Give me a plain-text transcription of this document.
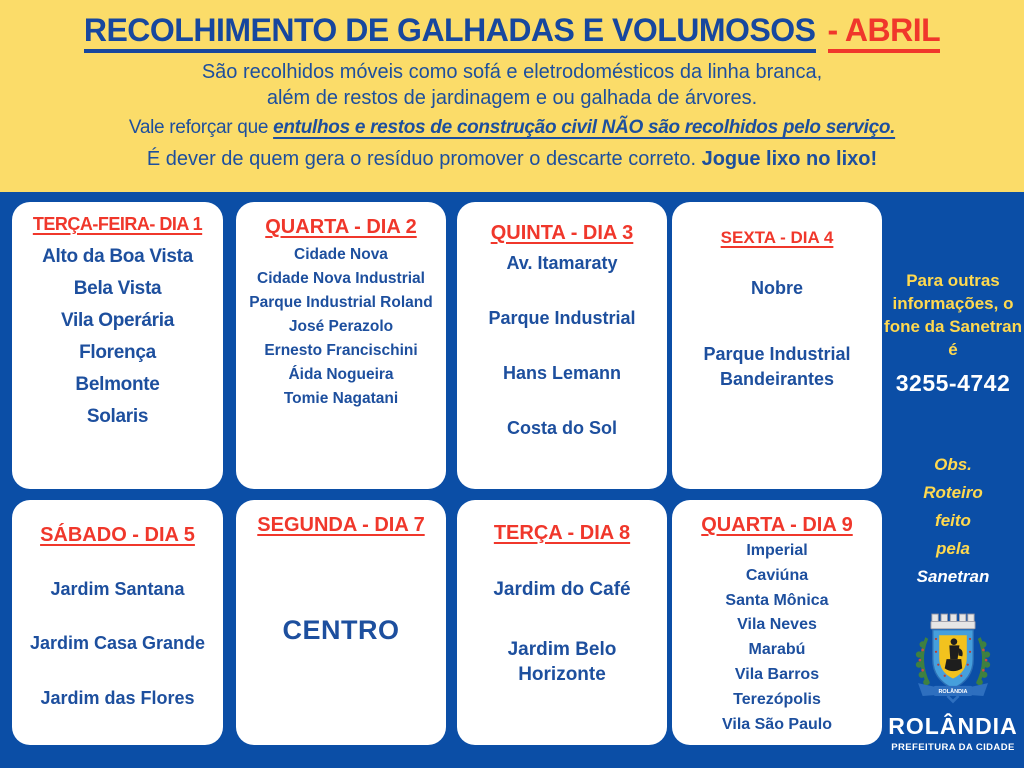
RECOLHIMENTO DE GALHADAS E VOLUMOSOS - ABRIL

São recolhidos móveis como sofá e eletrodomésticos da linha branca,

além de restos de jardinagem e ou galhada de árvores.

Vale reforçar que entulhos e restos de construção civil NÃO são recolhidos pelo serviço.

É dever de quem gera o resíduo promover o descarte correto. Jogue lixo no lixo!

TERÇA-FEIRA- DIA 1
Alto da Boa Vista
Bela Vista
Vila Operária
Florença
Belmonte
Solaris
QUARTA - DIA 2
Cidade Nova
Cidade Nova Industrial
Parque Industrial Roland
José Perazolo
Ernesto Francischini
Áida Nogueira
Tomie Nagatani
QUINTA - DIA 3
Av. Itamaraty
Parque Industrial
Hans Lemann
Costa do Sol
SEXTA - DIA 4
Nobre
Parque Industrial Bandeirantes
SÁBADO - DIA 5
Jardim Santana
Jardim Casa Grande
Jardim das Flores
SEGUNDA - DIA 7
CENTRO
TERÇA - DIA 8
Jardim do Café
Jardim Belo Horizonte
QUARTA - DIA 9
Imperial
Caviúna
Santa Mônica
Vila Neves
Marabú
Vila Barros
Terezópolis
Vila São Paulo
Para outras informações, o fone da Sanetran é
3255-4742
Obs.
Roteiro
feito
pela
Sanetran
ROLÂNDIA
ROLÂNDIA
PREFEITURA DA CIDADE
